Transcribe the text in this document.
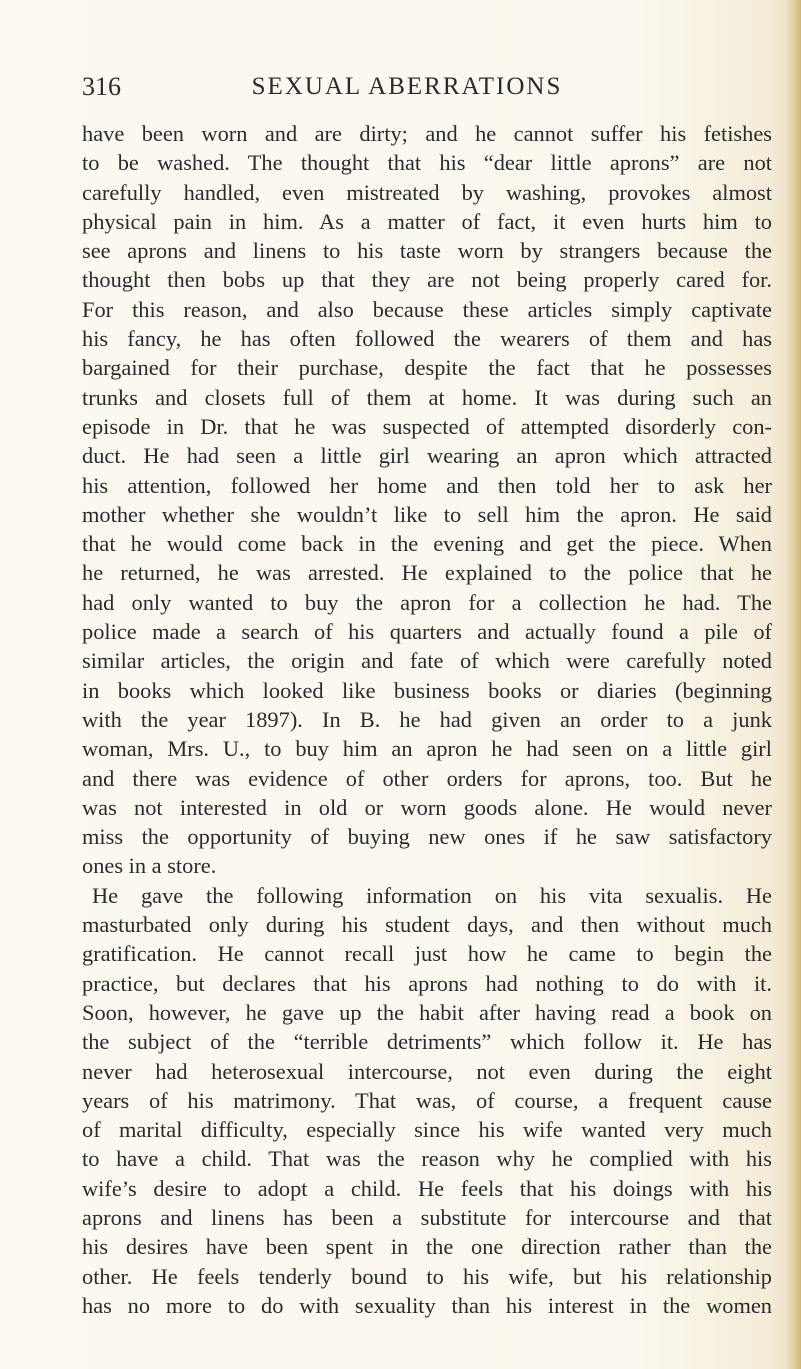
316	SEXUAL ABERRATIONS
have been worn and are dirty; and he cannot suffer his fetishes
to be washed. The thought that his “dear little aprons” are not
carefully handled, even mistreated by washing, provokes almost
physical pain in him. As a matter of fact, it even hurts him to
see aprons and linens to his taste worn by strangers because the
thought then bobs up that they are not being properly cared for.
For this reason, and also because these articles simply captivate
his fancy, he has often followed the wearers of them and has
bargained for their purchase, despite the fact that he possesses
trunks and closets full of them at home. It was during such an
episode in Dr. that he was suspected of attempted disorderly con-
duct. He had seen a little girl wearing an apron which attracted
his attention, followed her home and then told her to ask her
mother whether she wouldn’t like to sell him the apron. He said
that he would come back in the evening and get the piece. When
he returned, he was arrested. He explained to the police that he
had only wanted to buy the apron for a collection he had. The
police made a search of his quarters and actually found a pile of
similar articles, the origin and fate of which were carefully noted
in books which looked like business books or diaries (beginning
with the year 1897). In B. he had given an order to a junk
woman, Mrs. U., to buy him an apron he had seen on a little girl
and there was evidence of other orders for aprons, too. But he
was not interested in old or worn goods alone. He would never
miss the opportunity of buying new ones if he saw satisfactory
ones in a store.
He gave the following information on his vita sexualis. He
masturbated only during his student days, and then without much
gratification. He cannot recall just how he came to begin the
practice, but declares that his aprons had nothing to do with it.
Soon, however, he gave up the habit after having read a book on
the subject of the “terrible detriments” which follow it. He has
never had heterosexual intercourse, not even during the eight
years of his matrimony. That was, of course, a frequent cause
of marital difficulty, especially since his wife wanted very much
to have a child. That was the reason why he complied with his
wife’s desire to adopt a child. He feels that his doings with his
aprons and linens has been a substitute for intercourse and that
his desires have been spent in the one direction rather than the
other. He feels tenderly bound to his wife, but his relationship
has no more to do with sexuality than his interest in the women
